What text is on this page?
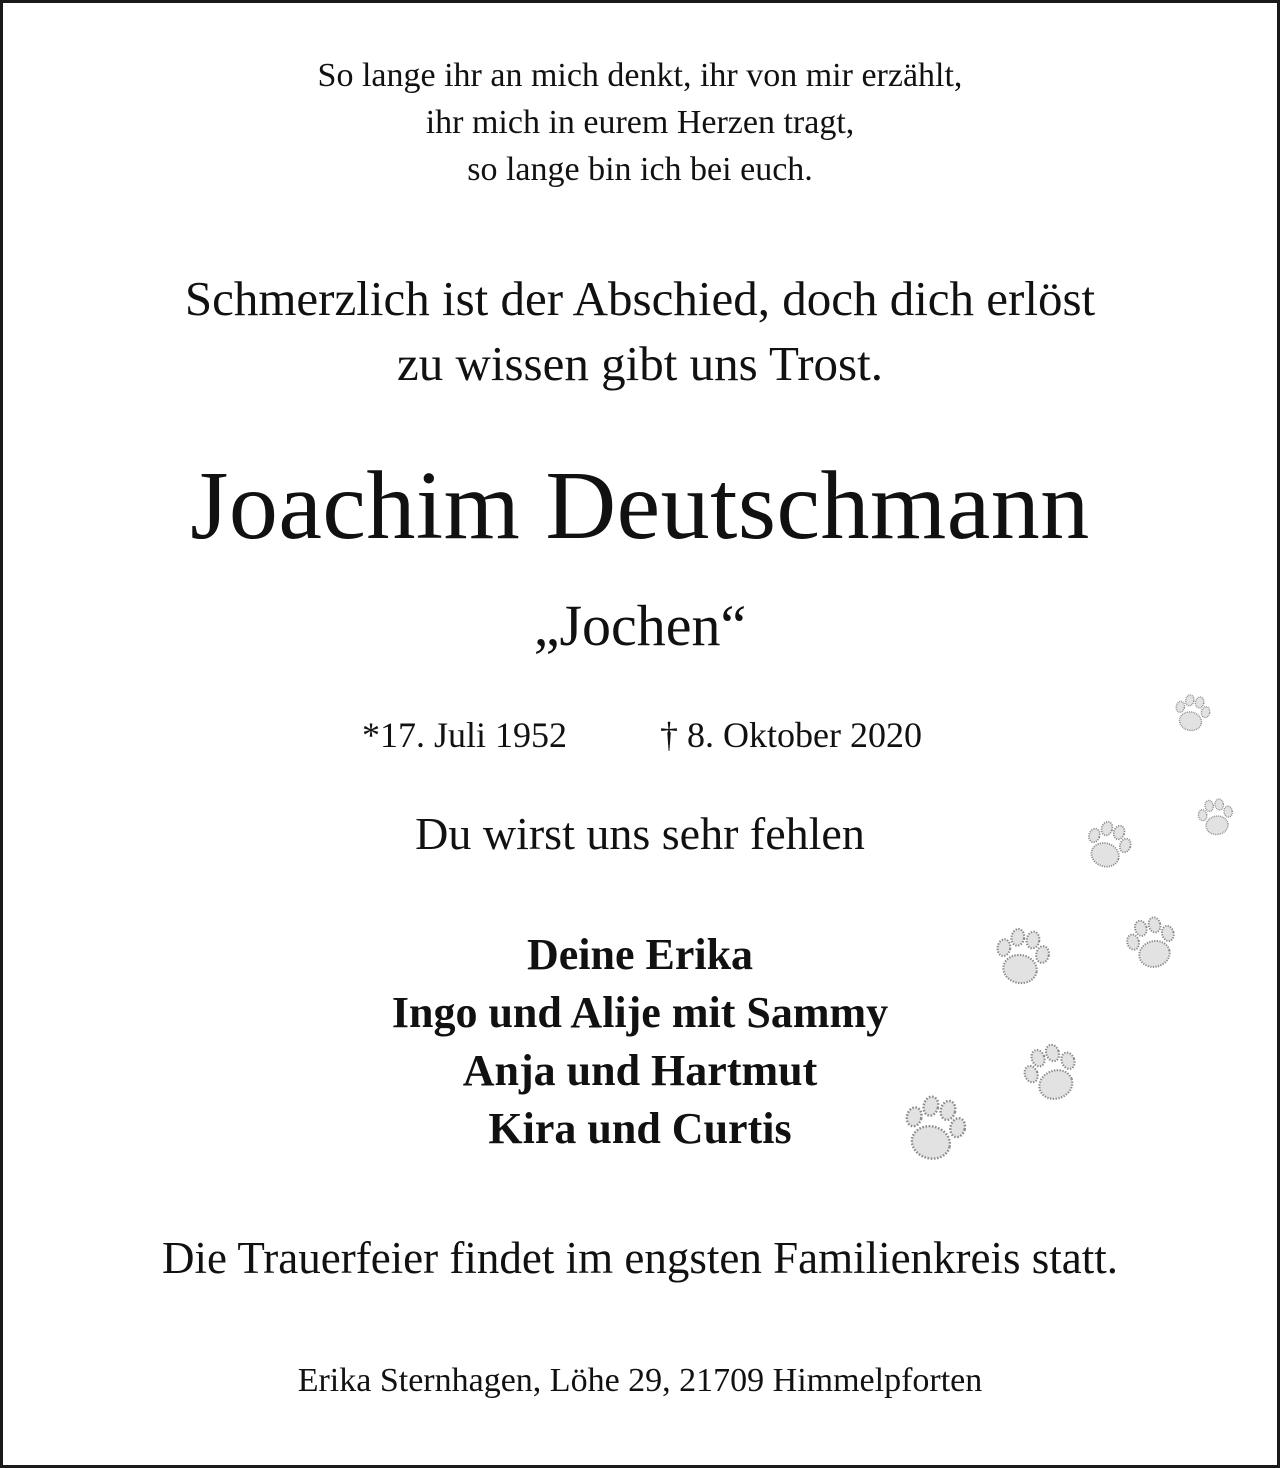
So lange ihr an mich denkt, ihr von mir erzählt,
ihr mich in eurem Herzen tragt,
so lange bin ich bei euch.
Schmerzlich ist der Abschied, doch dich erlöst
zu wissen gibt uns Trost.
Joachim Deutschmann
„Jochen“
*17. Juli 1952	† 8. Oktober 2020
Du wirst uns sehr fehlen
Deine Erika
Ingo und Alije mit Sammy
Anja und Hartmut
Kira und Curtis
Die Trauerfeier findet im engsten Familienkreis statt.
Erika Sternhagen, Löhe 29, 21709 Himmelpforten
